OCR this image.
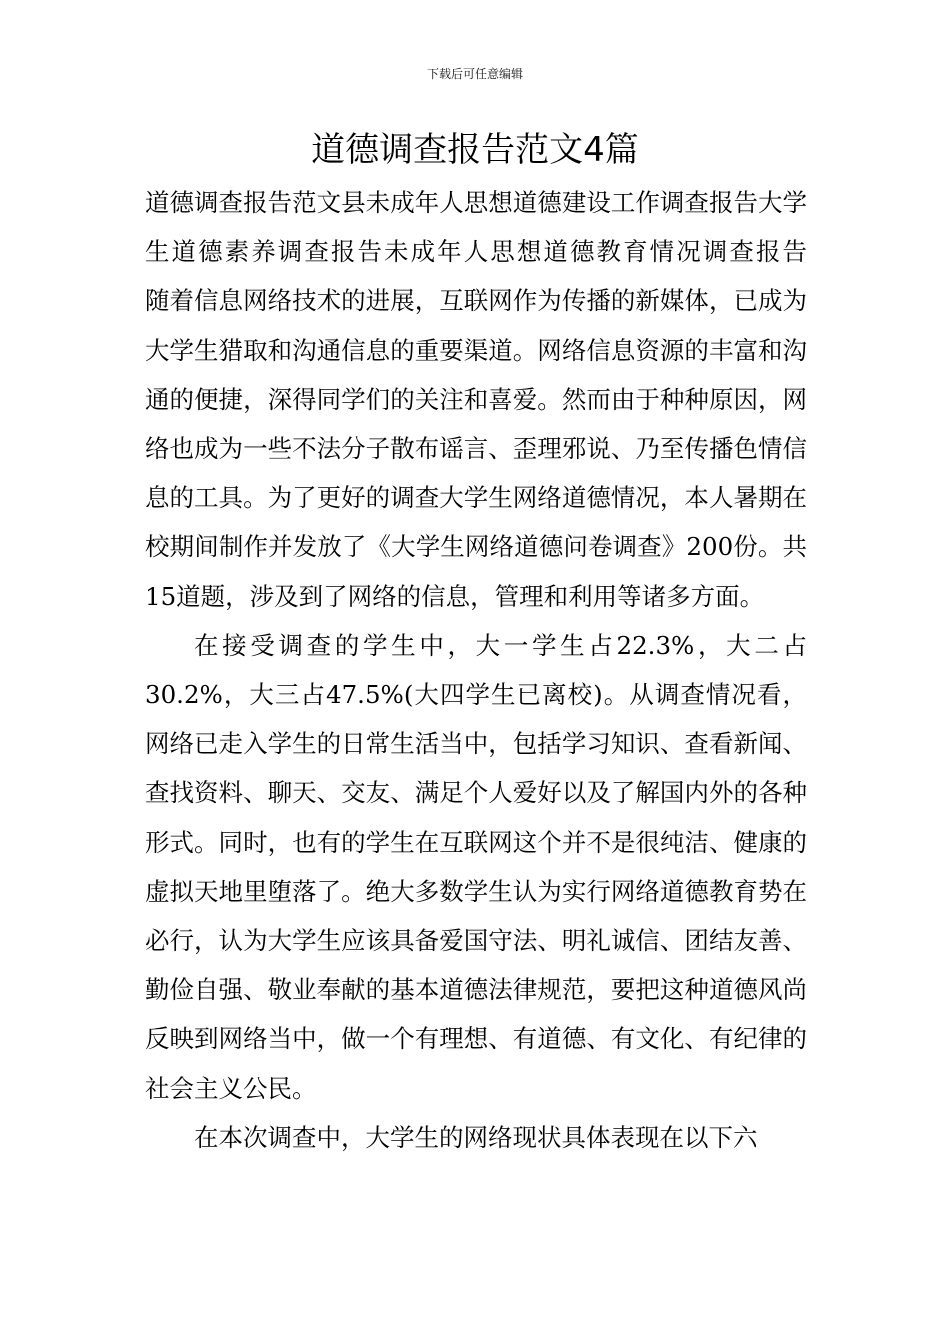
下载后可任意编辑
道德调查报告范文4篇

道德调查报告范文县未成年人思想道德建设工作调查报告大学生道德素养调查报告未成年人思想道德教育情况调查报告　　随着信息网络技术的进展，互联网作为传播的新媒体，已成为大学生猎取和沟通信息的重要渠道。网络信息资源的丰富和沟通的便捷，深得同学们的关注和喜爱。然而由于种种原因，网络也成为一些不法分子散布谣言、歪理邪说、乃至传播色情信息的工具。为了更好的调查大学生网络道德情况，本人暑期在校期间制作并发放了《大学生网络道德问卷调查》200份。共15道题，涉及到了网络的信息，管理和利用等诸多方面。

在接受调查的学生中，大一学生占22.3%，大二占30.2%，大三占47.5%(大四学生已离校)。从调查情况看，网络已走入学生的日常生活当中，包括学习知识、查看新闻、查找资料、聊天、交友、满足个人爱好以及了解国内外的各种形式。同时，也有的学生在互联网这个并不是很纯洁、健康的虚拟天地里堕落了。绝大多数学生认为实行网络道德教育势在必行，认为大学生应该具备爱国守法、明礼诚信、团结友善、勤俭自强、敬业奉献的基本道德法律规范，要把这种道德风尚反映到网络当中，做一个有理想、有道德、有文化、有纪律的社会主义公民。

在本次调查中，大学生的网络现状具体表现在以下六
